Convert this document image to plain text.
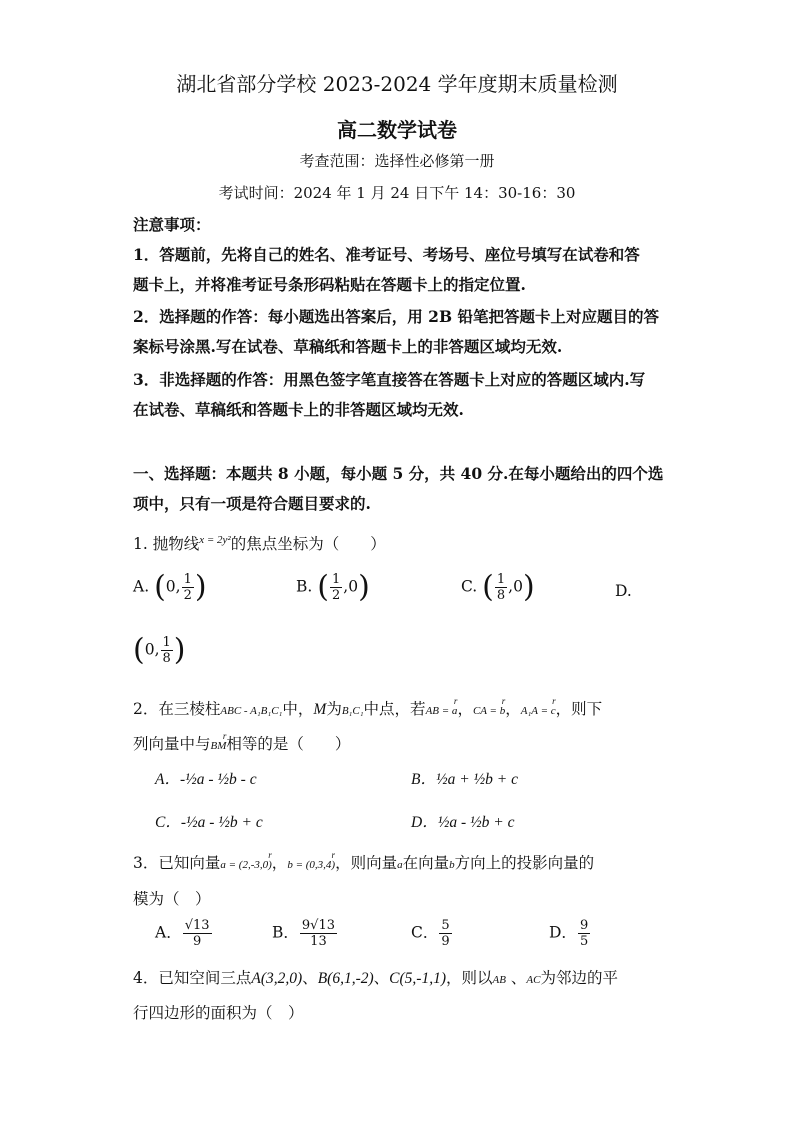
湖北省部分学校 2023-2024 学年度期末质量检测
高二数学试卷
考查范围：选择性必修第一册
考试时间：2024 年 1 月 24 日下午 14：30-16：30
注意事项：
1．答题前，先将自己的姓名、准考证号、考场号、座位号填写在试卷和答
题卡上，并将准考证号条形码粘贴在答题卡上的指定位置.
2．选择题的作答：每小题选出答案后，用 2B 铅笔把答题卡上对应题目的答
案标号涂黑.写在试卷、草稿纸和答题卡上的非答题区域均无效.
3．非选择题的作答：用黑色签字笔直接答在答题卡上对应的答题区域内.写
在试卷、草稿纸和答题卡上的非答题区域均无效.
一、选择题：本题共 8 小题，每小题 5 分，共 40 分.在每小题给出的四个选
项中，只有一项是符合题目要求的.
1. 抛物线$^{x = 2y^2}$的焦点坐标为（　　）
A. (0, $\frac{1}{2}$ )	B. ( $\frac{1}{2} ,0$)	C. ( $\frac{1}{8} ,0$)	D.
(0, $\frac{1}{8}$ )
2．在三棱柱ABC - A₁B₁C₁中，M为B₁C₁中点，若r AB = a，r CA = b，r A₁A = c，则下
列向量中与r BM相等的是（　　）
A．-½a - ½b - c	B．½a + ½b + c
C．-½a - ½b + c	D．½a - ½b + c
3．已知向量r a = (2,-3,0)，r b = (0,3,4)，则向量a在向量b方向上的投影向量的
模为（　）
A． $\frac{√13}{9}$	B． $\frac{9√13}{13}$	C． $\frac{5}{9}$	D． $\frac{9}{5}$
4．已知空间三点A(3,2,0)、B(6,1,-2)、C(5,-1,1)，则以AB 、AC为邻边的平
行四边形的面积为（　）
